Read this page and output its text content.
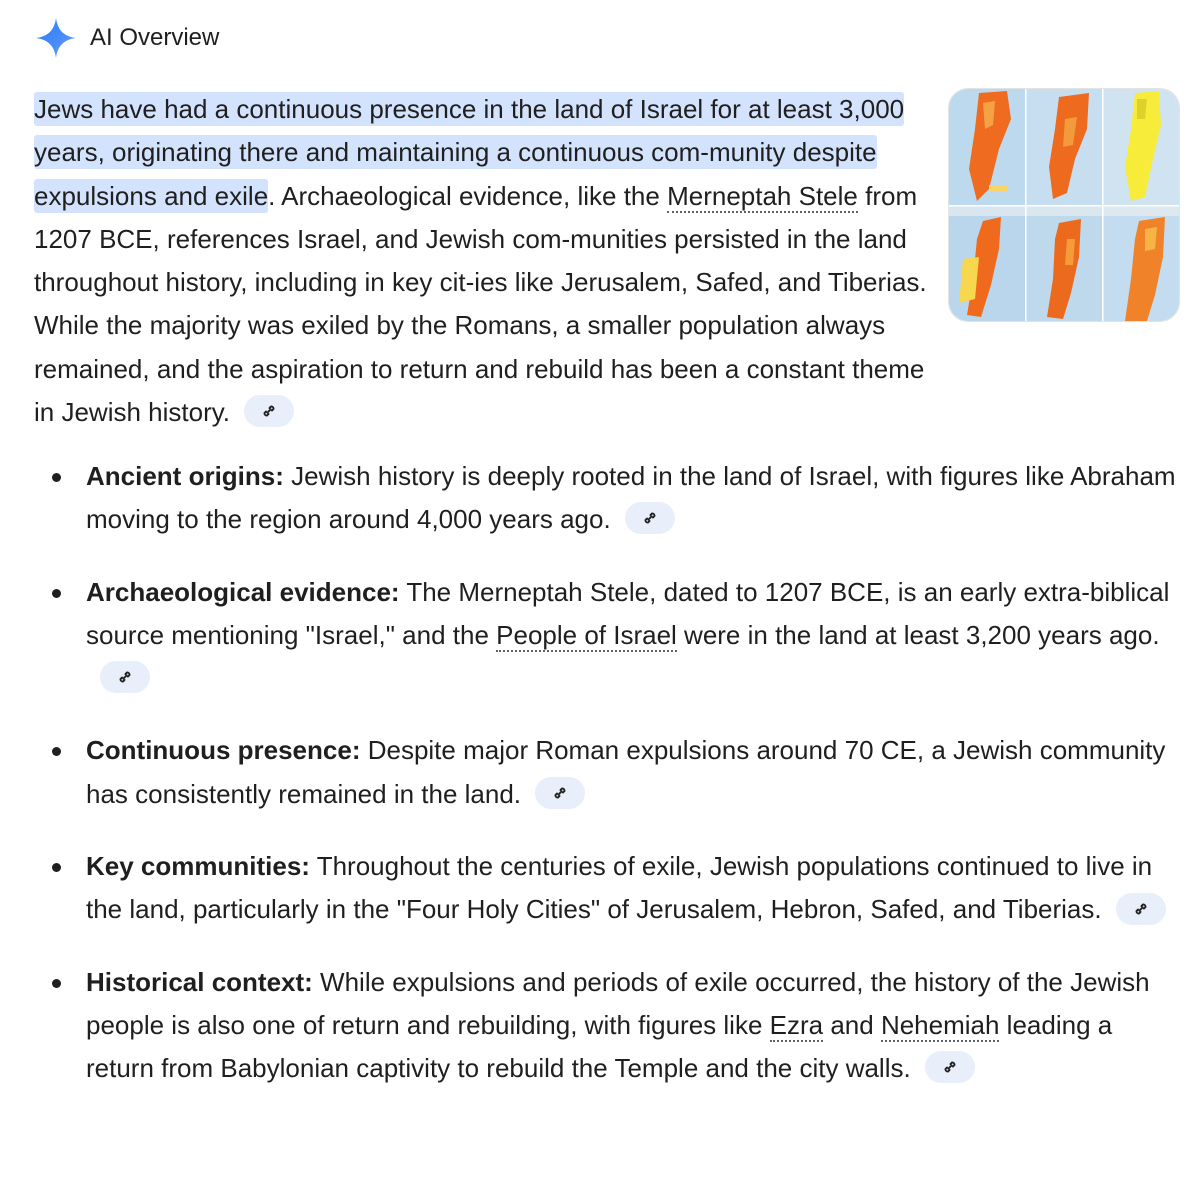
AI Overview

Jews have had a continuous presence in the land of Israel for at least 3,000 years, originating there and maintaining a continuous com-munity despite expulsions and exile. Archaeological evidence, like the Merneptah Stele from 1207 BCE, references Israel, and Jewish com-munities persisted in the land throughout history, including in key cit-ies like Jerusalem, Safed, and Tiberias. While the majority was exiled by the Romans, a smaller population always remained, and the aspiration to return and rebuild has been a constant theme in Jewish history.

Ancient origins: Jewish history is deeply rooted in the land of Israel, with figures like Abraham moving to the region around 4,000 years ago.
Archaeological evidence: The Merneptah Stele, dated to 1207 BCE, is an early extra-biblical source mentioning "Israel," and the People of Israel were in the land at least 3,200 years ago.
Continuous presence: Despite major Roman expulsions around 70 CE, a Jewish community has consistently remained in the land.
Key communities: Throughout the centuries of exile, Jewish populations continued to live in the land, particularly in the "Four Holy Cities" of Jerusalem, Hebron, Safed, and Tiberias.
Historical context: While expulsions and periods of exile occurred, the history of the Jewish people is also one of return and rebuilding, with figures like Ezra and Nehemiah leading a return from Babylonian captivity to rebuild the Temple and the city walls.
